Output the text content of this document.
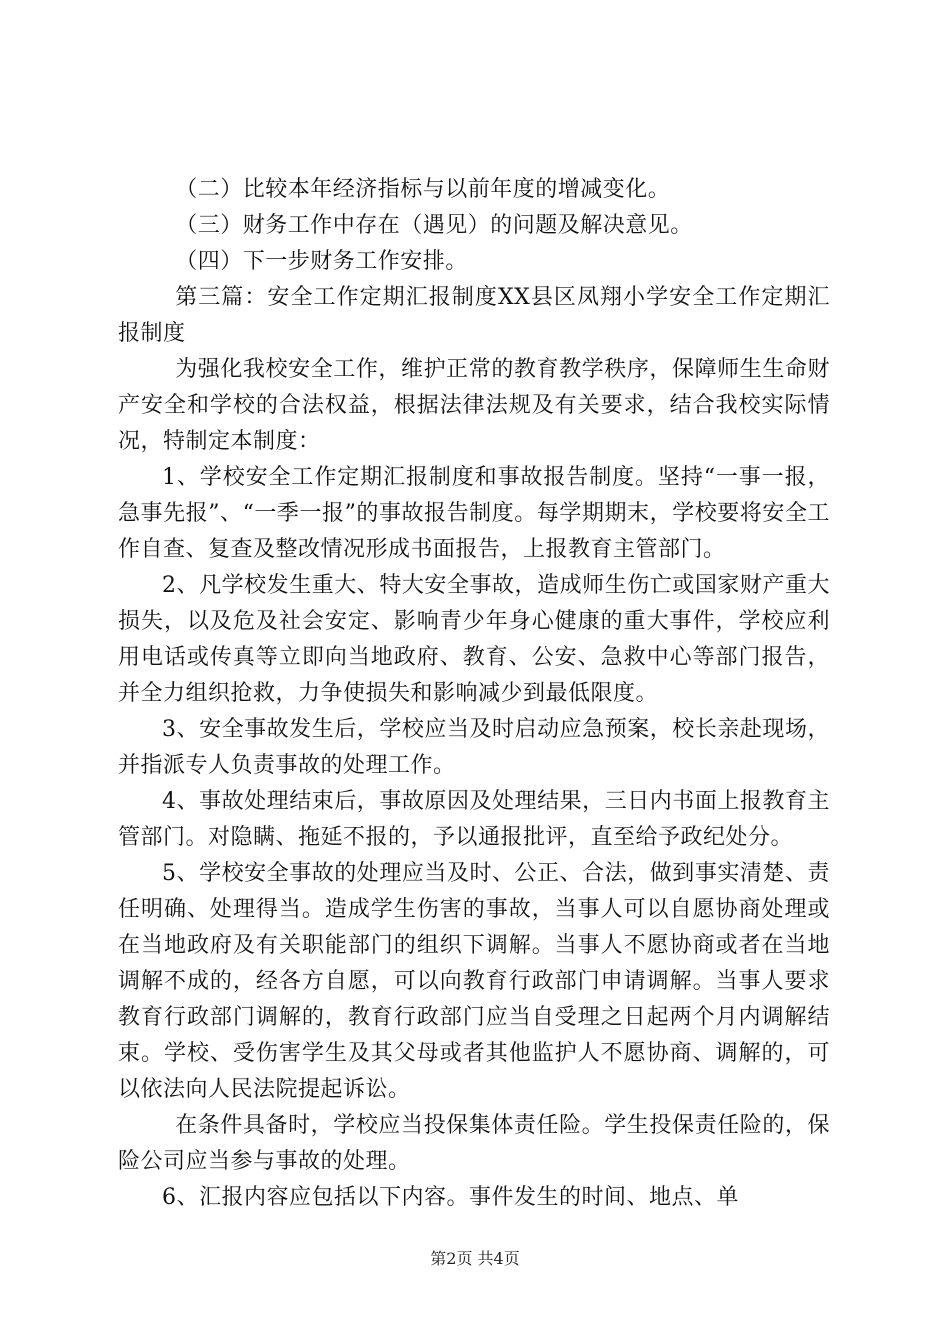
（二）比较本年经济指标与以前年度的增减变化。

（三）财务工作中存在（遇见）的问题及解决意见。

（四）下一步财务工作安排。

第三篇：安全工作定期汇报制度XX县区凤翔小学安全工作定期汇报制度

为强化我校安全工作，维护正常的教育教学秩序，保障师生生命财产安全和学校的合法权益，根据法律法规及有关要求，结合我校实际情况，特制定本制度：

1、学校安全工作定期汇报制度和事故报告制度。坚持“一事一报，急事先报”、“一季一报”的事故报告制度。每学期期末，学校要将安全工作自查、复查及整改情况形成书面报告，上报教育主管部门。

2、凡学校发生重大、特大安全事故，造成师生伤亡或国家财产重大损失，以及危及社会安定、影响青少年身心健康的重大事件，学校应利用电话或传真等立即向当地政府、教育、公安、急救中心等部门报告，并全力组织抢救，力争使损失和影响减少到最低限度。

3、安全事故发生后，学校应当及时启动应急预案，校长亲赴现场，并指派专人负责事故的处理工作。

4、事故处理结束后，事故原因及处理结果，三日内书面上报教育主管部门。对隐瞒、拖延不报的，予以通报批评，直至给予政纪处分。

5、学校安全事故的处理应当及时、公正、合法，做到事实清楚、责任明确、处理得当。造成学生伤害的事故，当事人可以自愿协商处理或在当地政府及有关职能部门的组织下调解。当事人不愿协商或者在当地调解不成的，经各方自愿，可以向教育行政部门申请调解。当事人要求教育行政部门调解的，教育行政部门应当自受理之日起两个月内调解结束。学校、受伤害学生及其父母或者其他监护人不愿协商、调解的，可以依法向人民法院提起诉讼。

在条件具备时，学校应当投保集体责任险。学生投保责任险的，保险公司应当参与事故的处理。

6、汇报内容应包括以下内容。事件发生的时间、地点、单

第2页 共4页
